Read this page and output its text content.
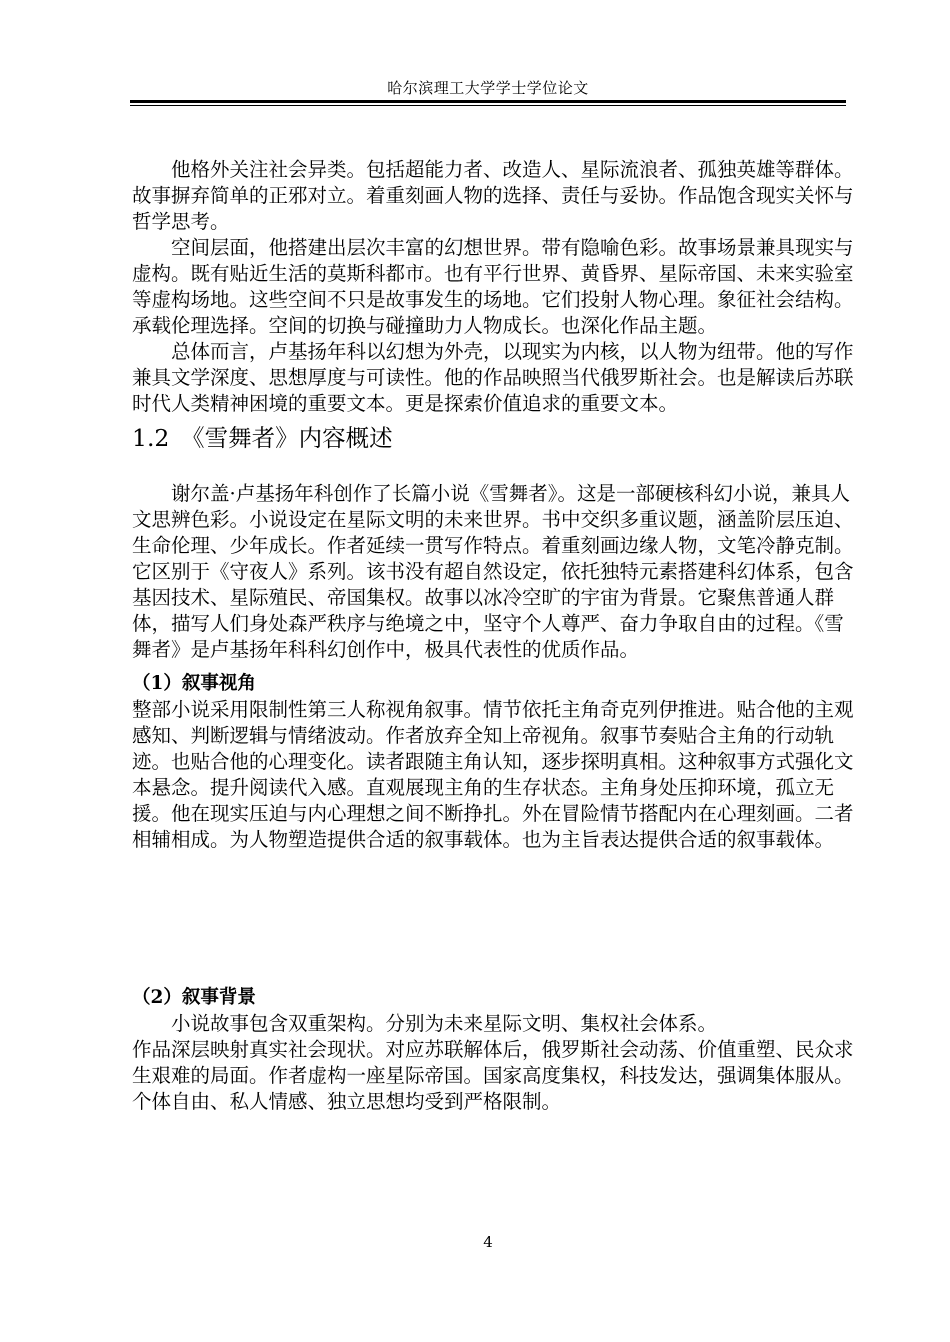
哈尔滨理工大学学士学位论文

他格外关注社会异类。包括超能力者、改造人、星际流浪者、孤独英雄等群体。故事摒弃简单的正邪对立。着重刻画人物的选择、责任与妥协。作品饱含现实关怀与哲学思考。

空间层面，他搭建出层次丰富的幻想世界。带有隐喻色彩。故事场景兼具现实与虚构。既有贴近生活的莫斯科都市。也有平行世界、黄昏界、星际帝国、未来实验室等虚构场地。这些空间不只是故事发生的场地。它们投射人物心理。象征社会结构。承载伦理选择。空间的切换与碰撞助力人物成长。也深化作品主题。

总体而言，卢基扬年科以幻想为外壳，以现实为内核，以人物为纽带。他的写作兼具文学深度、思想厚度与可读性。他的作品映照当代俄罗斯社会。也是解读后苏联时代人类精神困境的重要文本。更是探索价值追求的重要文本。

1.2　《雪舞者》内容概述

谢尔盖·卢基扬年科创作了长篇小说《雪舞者》。这是一部硬核科幻小说，兼具人文思辨色彩。小说设定在星际文明的未来世界。书中交织多重议题，涵盖阶层压迫、生命伦理、少年成长。作者延续一贯写作特点。着重刻画边缘人物，文笔冷静克制。它区别于《守夜人》系列。该书没有超自然设定，依托独特元素搭建科幻体系，包含基因技术、星际殖民、帝国集权。故事以冰冷空旷的宇宙为背景。它聚焦普通人群体，描写人们身处森严秩序与绝境之中，坚守个人尊严、奋力争取自由的过程。《雪舞者》是卢基扬年科科幻创作中，极具代表性的优质作品。

（1）叙事视角

整部小说采用限制性第三人称视角叙事。情节依托主角奇克列伊推进。贴合他的主观感知、判断逻辑与情绪波动。作者放弃全知上帝视角。叙事节奏贴合主角的行动轨迹。也贴合他的心理变化。读者跟随主角认知，逐步探明真相。这种叙事方式强化文本悬念。提升阅读代入感。直观展现主角的生存状态。主角身处压抑环境，孤立无援。他在现实压迫与内心理想之间不断挣扎。外在冒险情节搭配内在心理刻画。二者相辅相成。为人物塑造提供合适的叙事载体。也为主旨表达提供合适的叙事载体。

（2）叙事背景

小说故事包含双重架构。分别为未来星际文明、集权社会体系。

作品深层映射真实社会现状。对应苏联解体后，俄罗斯社会动荡、价值重塑、民众求生艰难的局面。作者虚构一座星际帝国。国家高度集权，科技发达，强调集体服从。个体自由、私人情感、独立思想均受到严格限制。

4
